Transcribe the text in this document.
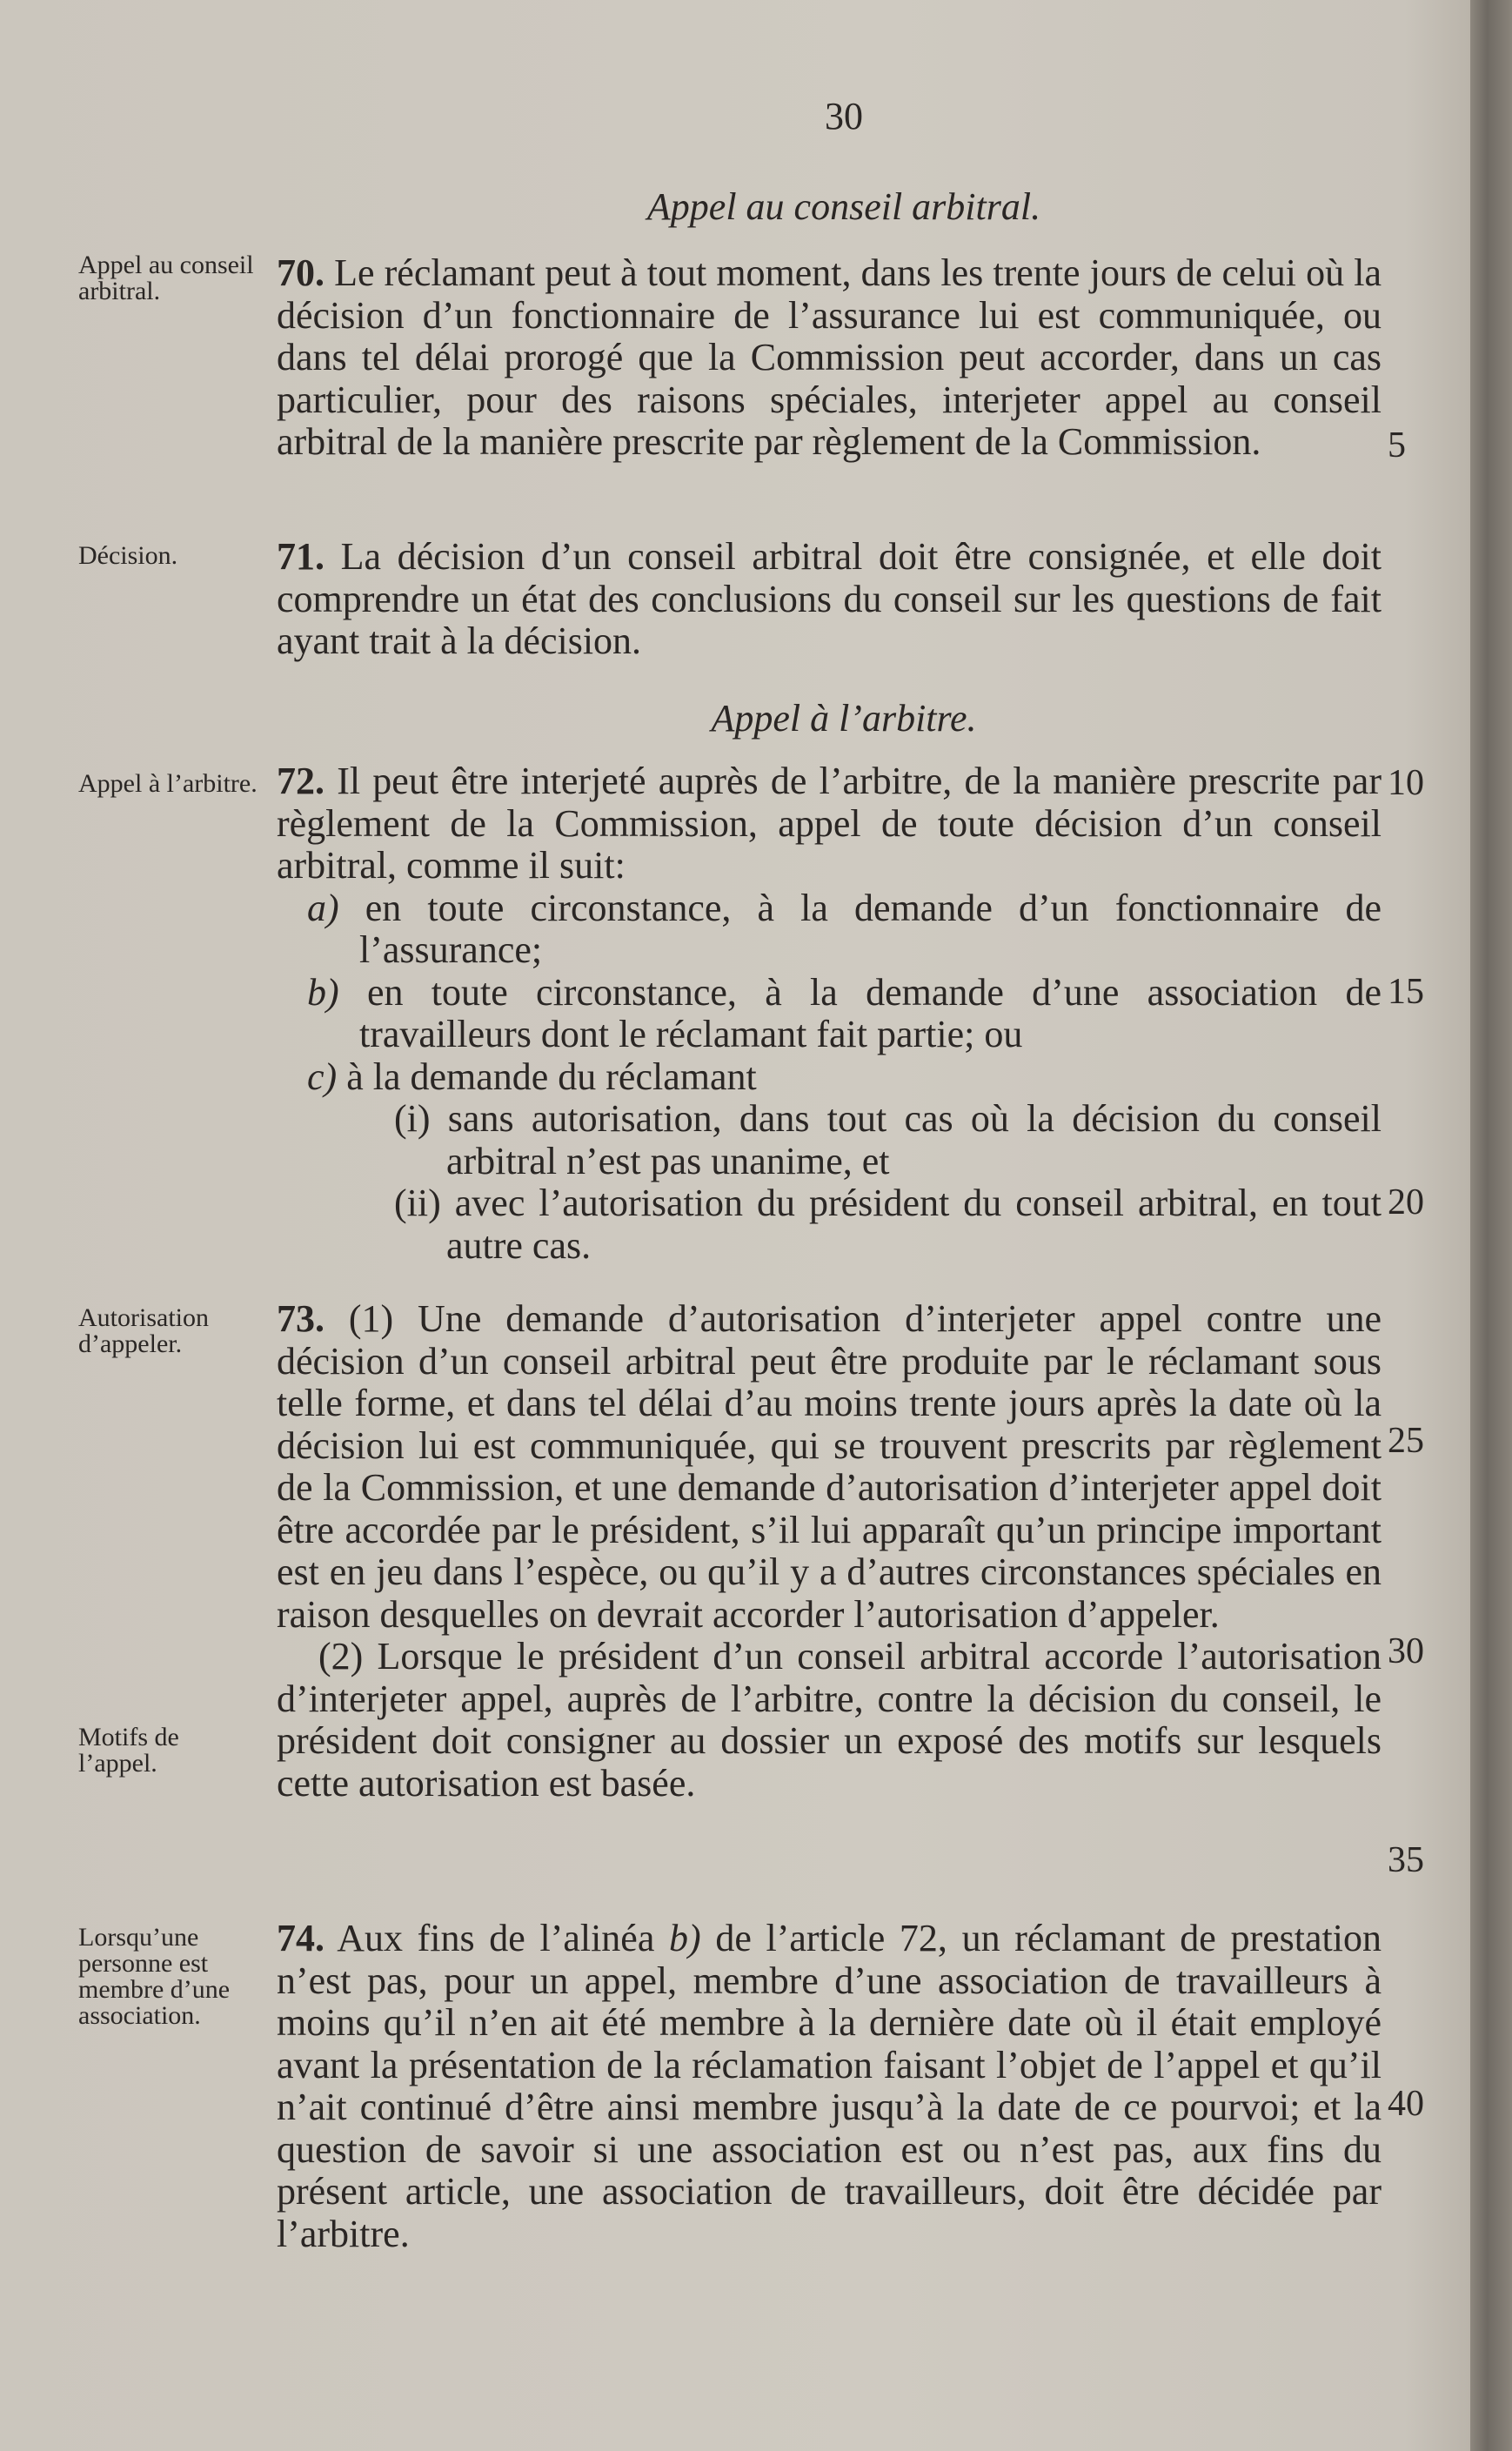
30
Appel au conseil arbitral.
Appel au conseil arbitral.
Décision.
Appel à l’arbitre.
Autorisation d’appeler.
Motifs de l’appel.
Lorsqu’une personne est membre d’une association.

70. Le réclamant peut à tout moment, dans les trente jours de celui où la décision d’un fonctionnaire de l’assurance lui est communiquée, ou dans tel délai prorogé que la Commission peut accorder, dans un cas particulier, pour des raisons spéciales, interjeter appel au conseil arbitral de la manière prescrite par règlement de la Commission.

71. La décision d’un conseil arbitral doit être consignée, et elle doit comprendre un état des conclusions du conseil sur les questions de fait ayant trait à la décision.

Appel à l’arbitre.

72. Il peut être interjeté auprès de l’arbitre, de la manière prescrite par règlement de la Commission, appel de toute décision d’un conseil arbitral, comme il suit:

a) en toute circonstance, à la demande d’un fonctionnaire de l’assurance;

b) en toute circonstance, à la demande d’une association de travailleurs dont le réclamant fait partie; ou

c) à la demande du réclamant

(i) sans autorisation, dans tout cas où la décision du conseil arbitral n’est pas unanime, et

(ii) avec l’autorisation du président du conseil arbitral, en tout autre cas.

73. (1) Une demande d’autorisation d’interjeter appel contre une décision d’un conseil arbitral peut être produite par le réclamant sous telle forme, et dans tel délai d’au moins trente jours après la date où la décision lui est communiquée, qui se trouvent prescrits par règlement de la Commission, et une demande d’autorisation d’interjeter appel doit être accordée par le président, s’il lui apparaît qu’un principe important est en jeu dans l’espèce, ou qu’il y a d’autres circonstances spéciales en raison desquelles on devrait accorder l’autorisation d’appeler.

(2) Lorsque le président d’un conseil arbitral accorde l’autorisation d’interjeter appel, auprès de l’arbitre, contre la décision du conseil, le président doit consigner au dossier un exposé des motifs sur lesquels cette autorisation est basée.

74. Aux fins de l’alinéa b) de l’article 72, un réclamant de prestation n’est pas, pour un appel, membre d’une association de travailleurs à moins qu’il n’en ait été membre à la dernière date où il était employé avant la présentation de la réclamation faisant l’objet de l’appel et qu’il n’ait continué d’être ainsi membre jusqu’à la date de ce pourvoi; et la question de savoir si une association est ou n’est pas, aux fins du présent article, une association de travailleurs, doit être décidée par l’arbitre.

5
10
15
20
25
30
35
40
